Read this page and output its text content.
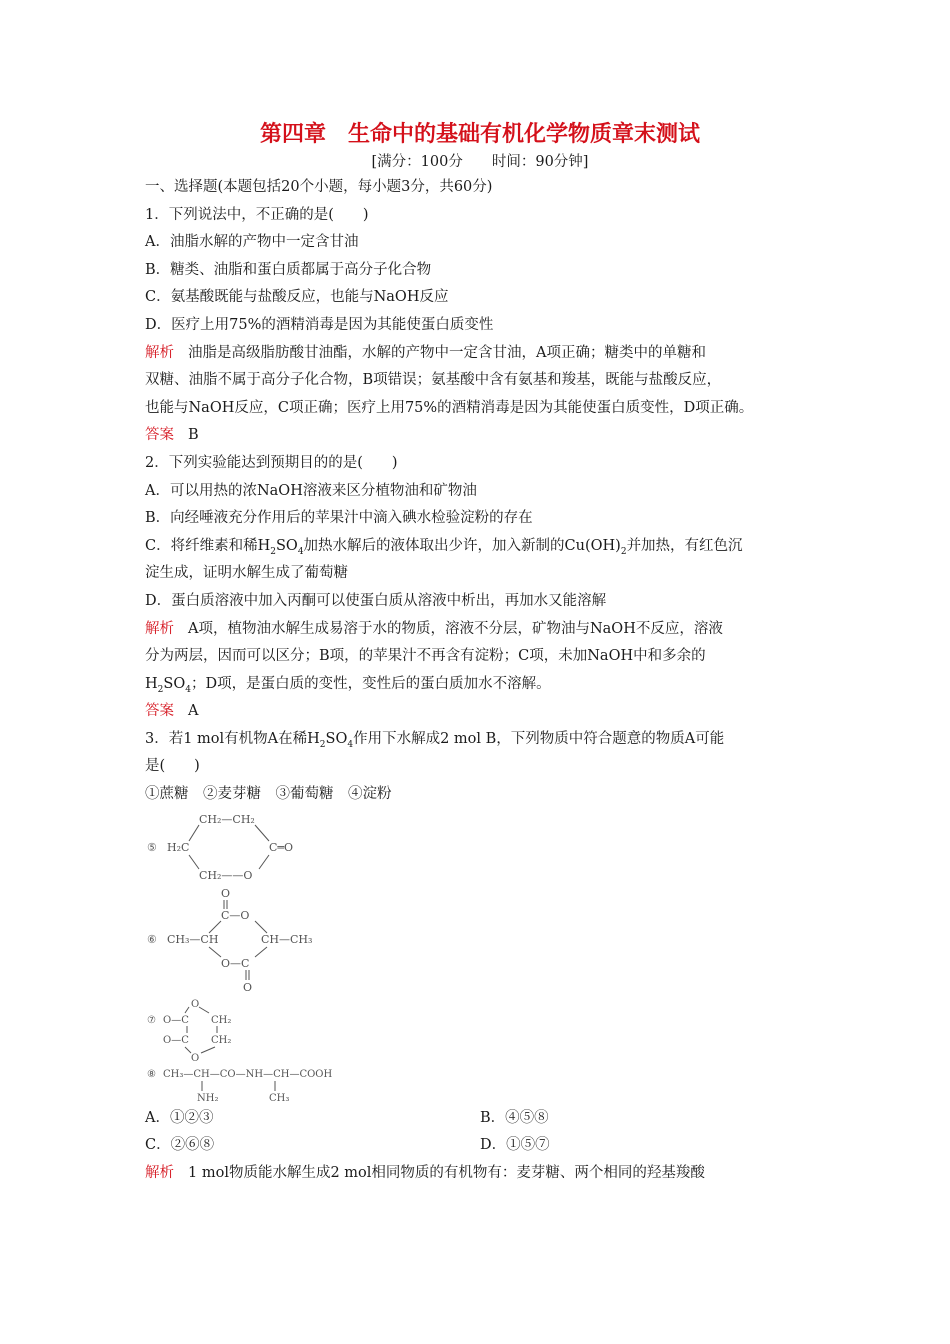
第四章　生命中的基础有机化学物质章末测试
[满分：100分　　时间：90分钟]
一、选择题(本题包括20个小题，每小题3分，共60分)
1．下列说法中，不正确的是(　　)
A．油脂水解的产物中一定含甘油
B．糖类、油脂和蛋白质都属于高分子化合物
C．氨基酸既能与盐酸反应，也能与NaOH反应
D．医疗上用75%的酒精消毒是因为其能使蛋白质变性
解析 油脂是高级脂肪酸甘油酯，水解的产物中一定含甘油，A项正确；糖类中的单糖和
双糖、油脂不属于高分子化合物，B项错误；氨基酸中含有氨基和羧基，既能与盐酸反应，
也能与NaOH反应，C项正确；医疗上用75%的酒精消毒是因为其能使蛋白质变性，D项正确。
答案 B
2．下列实验能达到预期目的的是(　　)
A．可以用热的浓NaOH溶液来区分植物油和矿物油
B．向经唾液充分作用后的苹果汁中滴入碘水检验淀粉的存在
C．将纤维素和稀$H_2SO_4$加热水解后的液体取出少许，加入新制的$Cu(OH)_2$并加热，有红色沉
淀生成，证明水解生成了葡萄糖
D．蛋白质溶液中加入丙酮可以使蛋白质从溶液中析出，再加水又能溶解
解析 A项，植物油水解生成易溶于水的物质，溶液不分层，矿物油与NaOH不反应，溶液
分为两层，因而可以区分；B项，的苹果汁不再含有淀粉；C项，未加NaOH中和多余的
$H_2SO_4$；D项，是蛋白质的变性，变性后的蛋白质加水不溶解。
答案 A
3．若1 mol有机物A在稀$H_2SO_4$作用下水解成2 mol B，下列物质中符合题意的物质A可能
是(　　)
①蔗糖　②麦芽糖　③葡萄糖　④淀粉
⑤
CH₂—CH₂
H₂C	C═O
CH₂——O
O
C—O
⑥ CH₃—CH	CH—CH₃
O—C
O
O
⑦ O—C CH₂
O—C CH₂
O
⑧ CH₃—CH—CO—NH—CH—COOH
NH₂	CH₃
A．①②③	B．④⑤⑧
C．②⑥⑧	D．①⑤⑦
解析 1 mol物质能水解生成2 mol相同物质的有机物有：麦芽糖、两个相同的羟基羧酸
